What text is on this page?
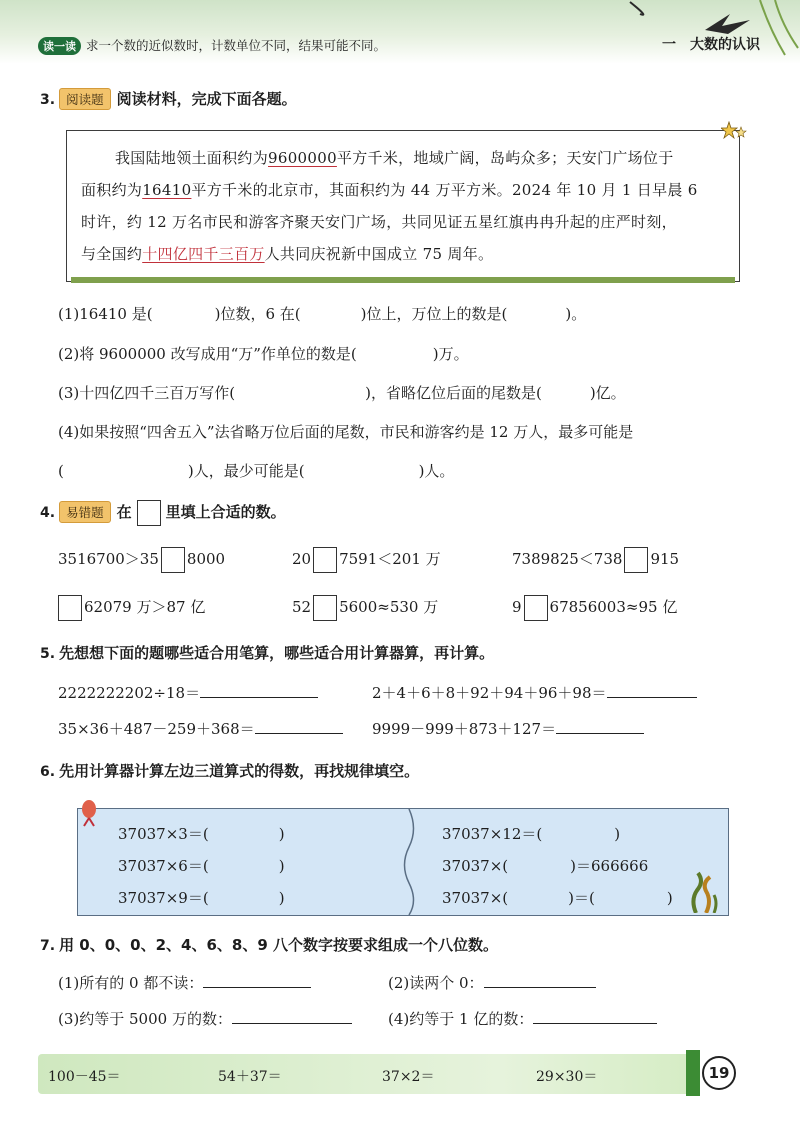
读一读 求一个数的近似数时，计数单位不同，结果可能不同。	一　大数的认识
3. 阅读题 阅读材料，完成下面各题。
我国陆地领土面积约为9600000平方千米，地域广阔，岛屿众多；天安门广场位于
面积约为16410平方千米的北京市，其面积约为 44 万平方米。2024 年 10 月 1 日早晨 6
时许，约 12 万名市民和游客齐聚天安门广场，共同见证五星红旗冉冉升起的庄严时刻，
与全国约十四亿四千三百万人共同庆祝新中国成立 75 周年。
(1)16410 是(	)位数，6 在(	)位上，万位上的数是(	)。
(2)将 9600000 改写成用“万”作单位的数是(	)万。
(3)十四亿四千三百万写作(	)，省略亿位后面的尾数是(	)亿。
(4)如果按照“四舍五入”法省略万位后面的尾数，市民和游客约是 12 万人，最多可能是
(	)人，最少可能是(	)人。
4. 易错题 在 里填上合适的数。
3516700＞35 8000	20 7591＜201 万	7389825＜738 915
62079 万＞87 亿	52 5600≈530 万	9 67856003≈95 亿
5. 先想想下面的题哪些适合用笔算，哪些适合用计算器算，再计算。
2222222202÷18＝	2＋4＋6＋8＋92＋94＋96＋98＝
35×36＋487－259＋368＝	9999－999＋873＋127＝
6. 先用计算器计算左边三道算式的得数，再找规律填空。
37037×3＝(	)
37037×6＝(	)
37037×9＝(	)
37037×12＝(	)
37037×(	)＝666666
37037×(	)＝(	)
7. 用 0、0、0、2、4、6、8、9 八个数字按要求组成一个八位数。
(1)所有的 0 都不读：	(2)读两个 0：
(3)约等于 5000 万的数：	(4)约等于 1 亿的数：
100－45＝	54＋37＝	37×2＝	29×30＝	19
